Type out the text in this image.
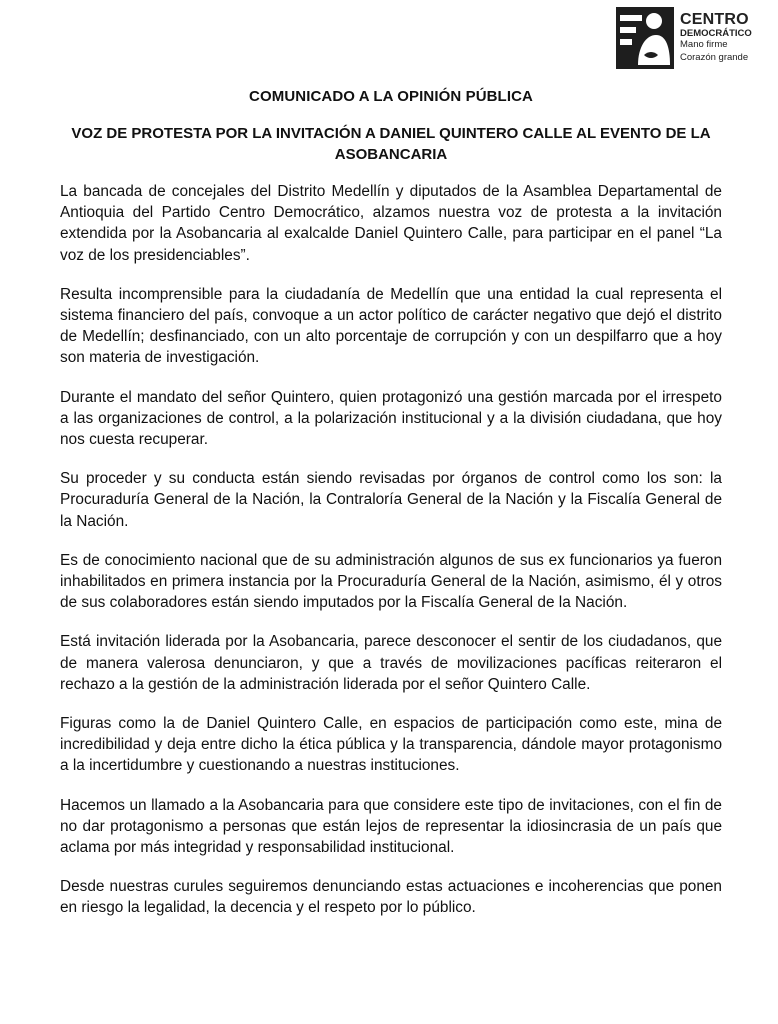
CENTRO
DEMOCRÁTICO
Mano firme
Corazón grande
COMUNICADO A LA OPINIÓN PÚBLICA
VOZ DE PROTESTA POR LA INVITACIÓN A DANIEL QUINTERO CALLE AL EVENTO DE LA ASOBANCARIA

La bancada de concejales del Distrito Medellín y diputados de la Asamblea Departamental de Antioquia del Partido Centro Democrático, alzamos nuestra voz de protesta a la invitación extendida por la Asobancaria al exalcalde Daniel Quintero Calle, para participar en el panel “La voz de los presidenciables”.

Resulta incomprensible para la ciudadanía de Medellín que una entidad la cual representa el sistema financiero del país, convoque a un actor político de carácter negativo que dejó el distrito de Medellín; desfinanciado, con un alto porcentaje de corrupción y con un despilfarro que a hoy son materia de investigación.

Durante el mandato del señor Quintero, quien protagonizó una gestión marcada por el irrespeto a las organizaciones de control, a la polarización institucional y a la división ciudadana, que hoy nos cuesta recuperar.

Su proceder y su conducta están siendo revisadas por órganos de control como los son: la Procuraduría General de la Nación, la Contraloría General de la Nación y la Fiscalía General de la Nación.

Es de conocimiento nacional que de su administración algunos de sus ex funcionarios ya fueron inhabilitados en primera instancia por la Procuraduría General de la Nación, asimismo, él y otros de sus colaboradores están siendo imputados por la Fiscalía General de la Nación.

Está invitación liderada por la Asobancaria, parece desconocer el sentir de los ciudadanos, que de manera valerosa denunciaron, y que a través de movilizaciones pacíficas reiteraron el rechazo a la gestión de la administración liderada por el señor Quintero Calle.

Figuras como la de Daniel Quintero Calle, en espacios de participación como este, mina de incredibilidad y deja entre dicho la ética pública y la transparencia, dándole mayor protagonismo a la incertidumbre y cuestionando a nuestras instituciones.

Hacemos un llamado a la Asobancaria para que considere este tipo de invitaciones, con el fin de no dar protagonismo a personas que están lejos de representar la idiosincrasia de un país que aclama por más integridad y responsabilidad institucional.

Desde nuestras curules seguiremos denunciando estas actuaciones e incoherencias que ponen en riesgo la legalidad, la decencia y el respeto por lo público.
